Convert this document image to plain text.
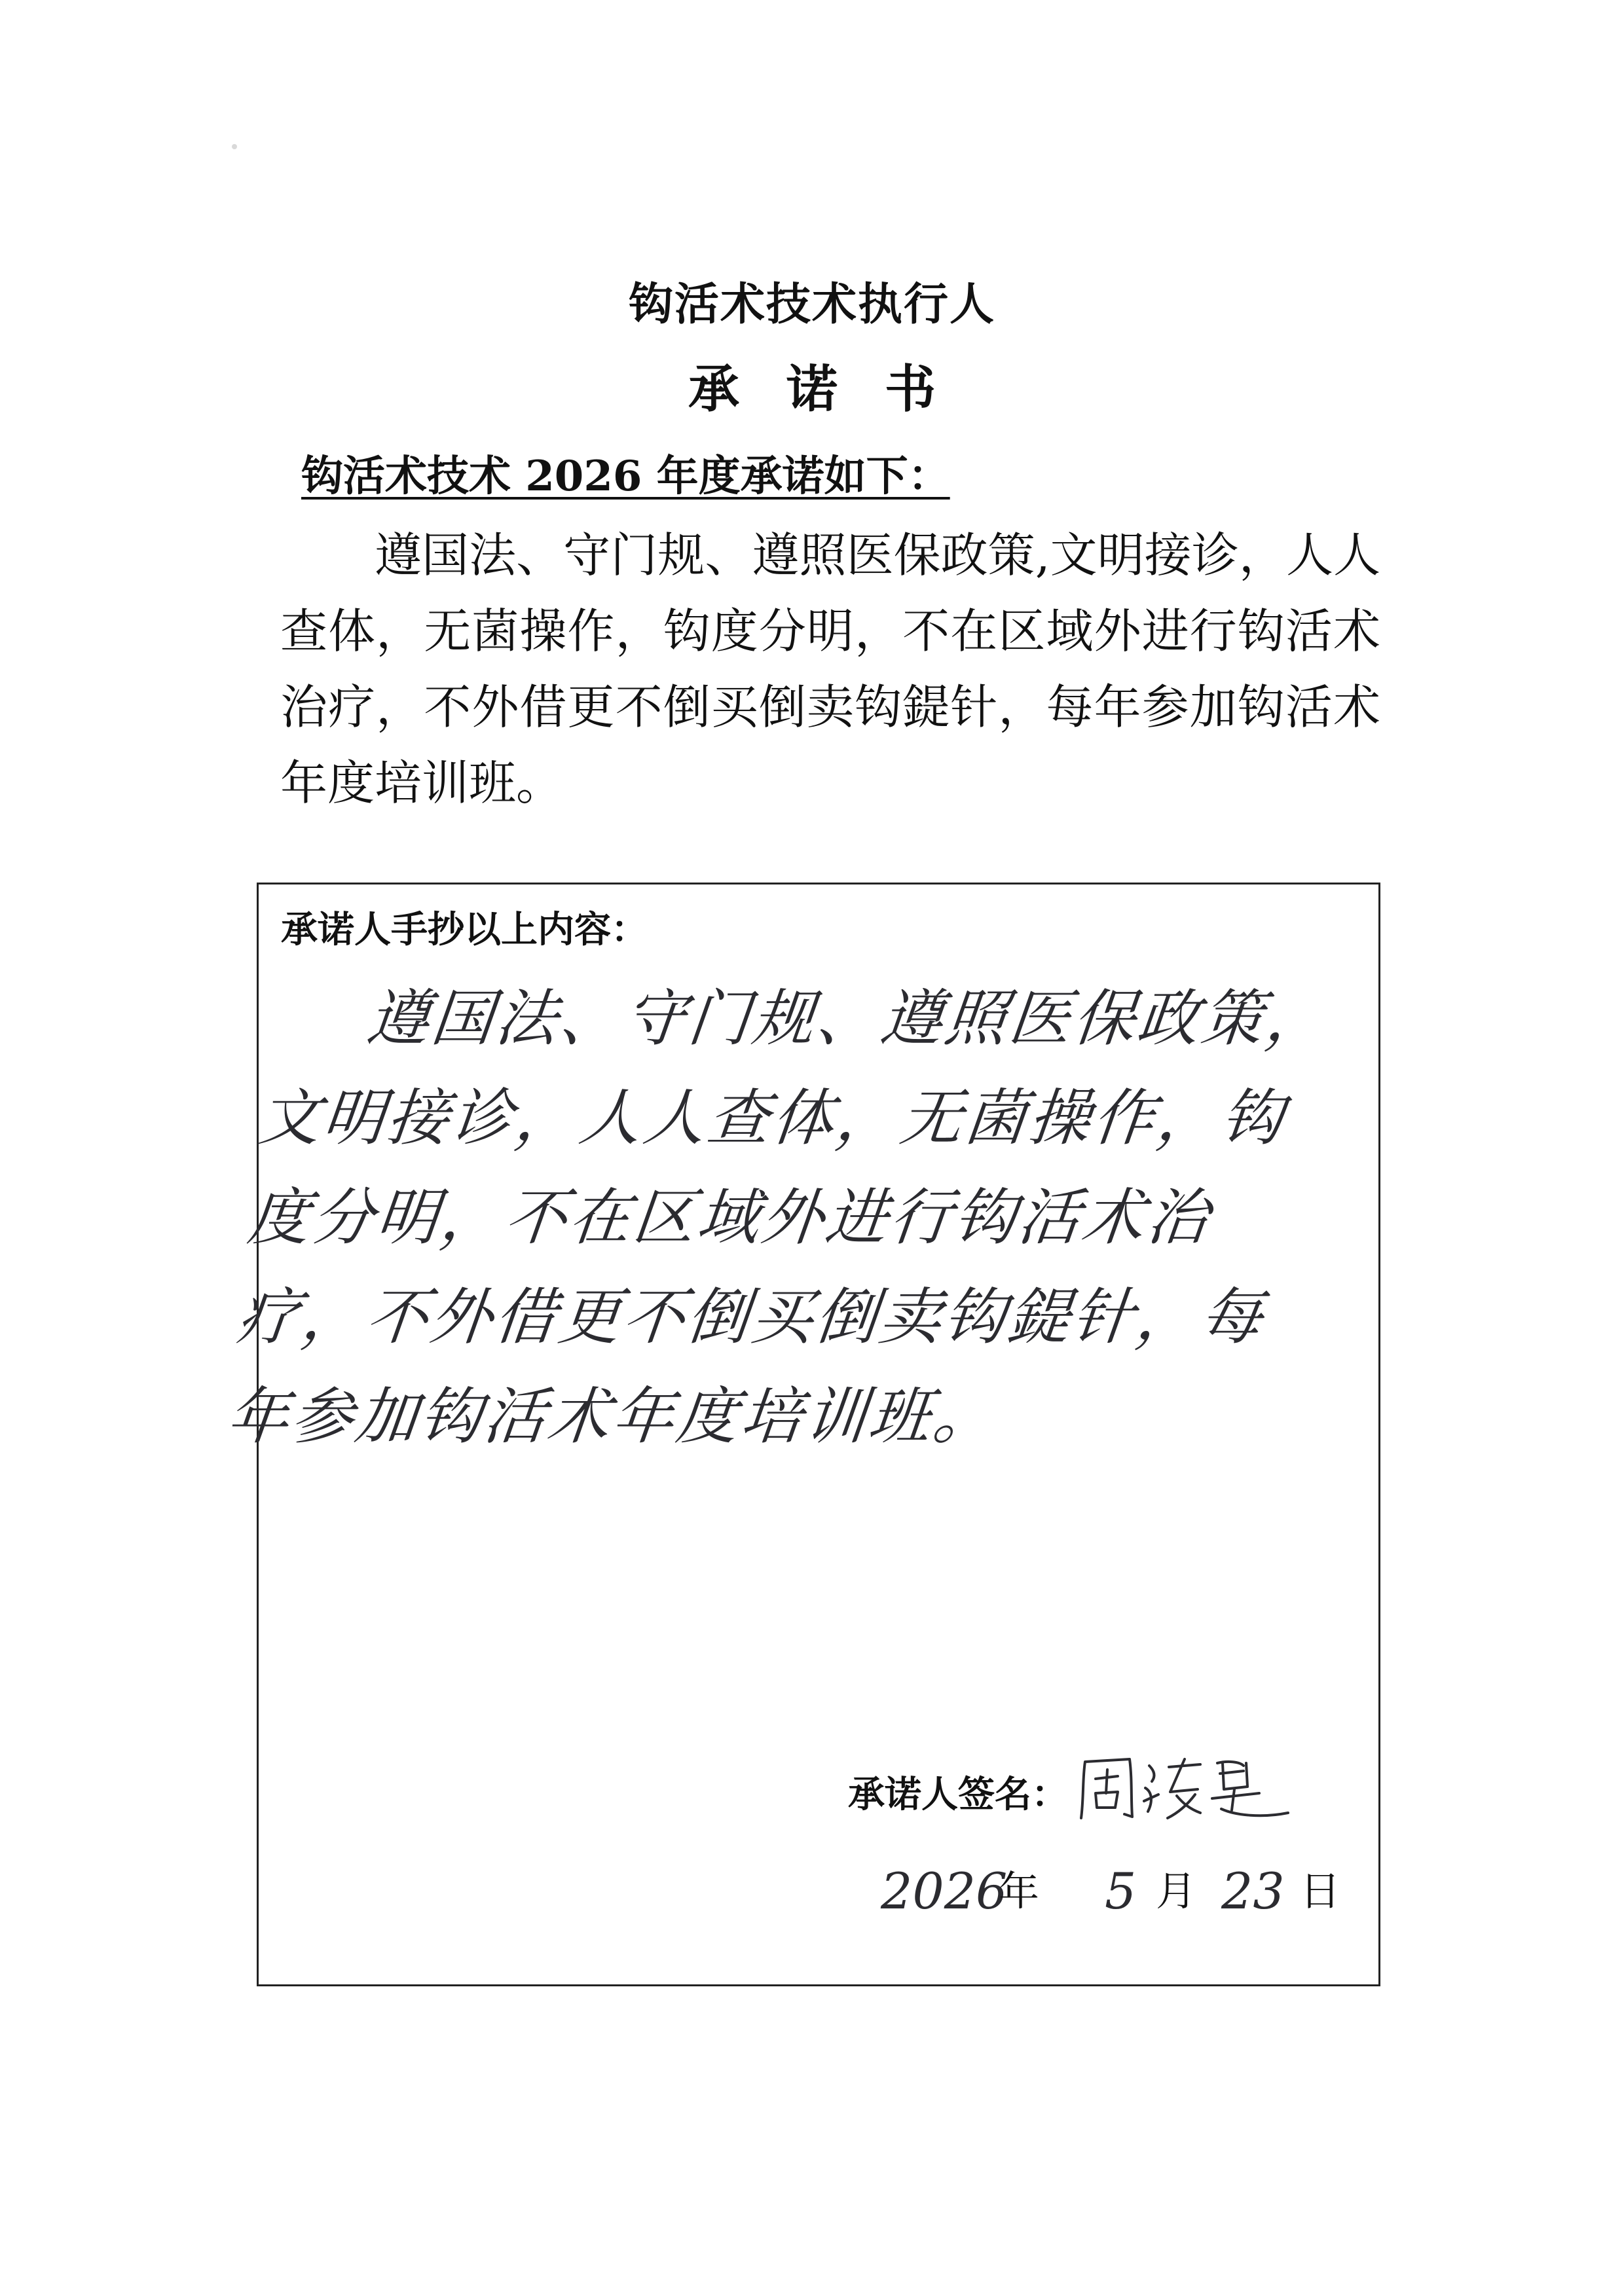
钩活术技术执行人
承诺书
钩活术技术 2026 年度承诺如下：

遵国法、守门规、遵照医保政策,文明接诊，人人查体，无菌操作，钩度分明，不在区域外进行钩活术治疗，不外借更不倒买倒卖钩鍉针，每年参加钩活术年度培训班。

承诺人手抄以上内容：

遵国法、守门规、遵照医保政策，文明接诊，人人查体，无菌操作，钩度分明，不在区域外进行钩活术治疗，不外借更不倒买倒卖钩鍉针，每年参加钩活术年度培训班。

承诺人签名：
2026
年 5 月 23 日
